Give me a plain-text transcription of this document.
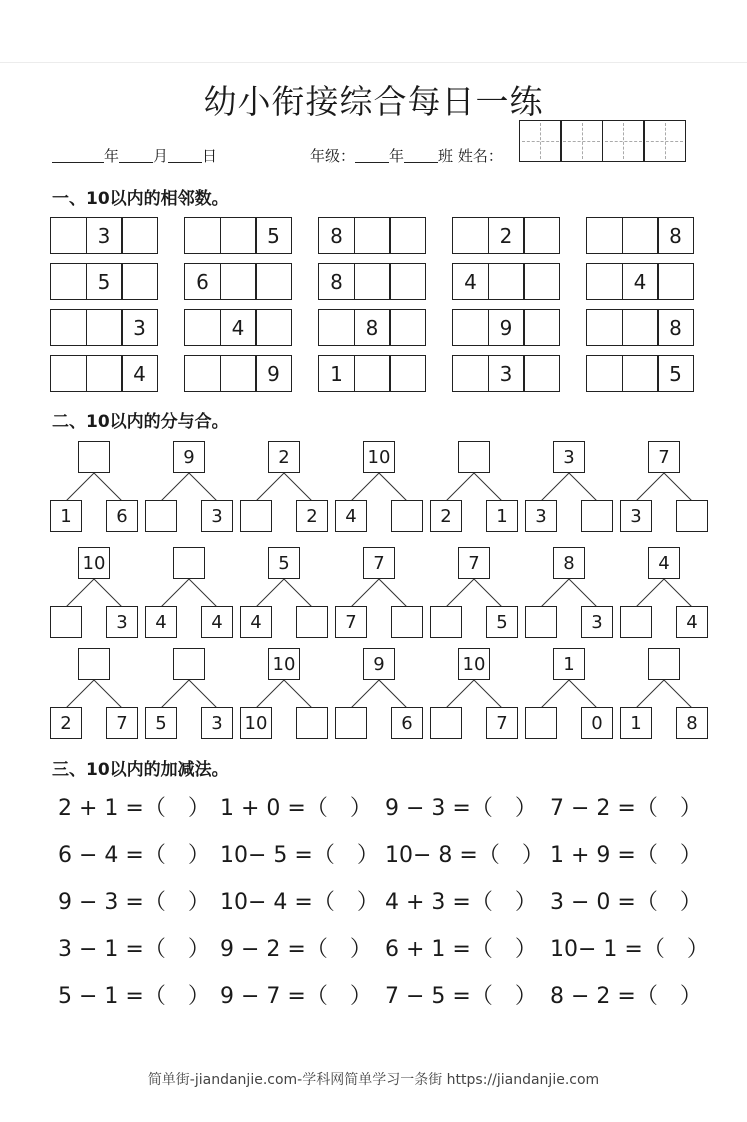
幼小衔接综合每日一练
年 月 日	年级： 年 班 姓名：
一、10以内的相邻数。
3	5	8	2	8
5	6	8	4	4
3	4	8	9	8
4	9	1	3	5
二、10以内的分与合。
1	6
9
3
2
2
10
4	2	1
3
3
7
3
10
3	4	4
5
4
7
7
7
5
8
3
4
4
2	7	5	3
10
10
9
6
10
7
1
0	1	8
三、10以内的加减法。
2 + 1 =（　） 1 + 0 =（　） 9 − 3 =（　） 7 − 2 =（　）
6 − 4 =（　） 10− 5 =（　） 10− 8 =（　） 1 + 9 =（　）
9 − 3 =（　） 10− 4 =（　） 4 + 3 =（　） 3 − 0 =（　）
3 − 1 =（　） 9 − 2 =（　） 6 + 1 =（　） 10− 1 =（　）
5 − 1 =（　） 9 − 7 =（　） 7 − 5 =（　） 8 − 2 =（　）
简单街-jiandanjie.com-学科网简单学习一条街 https://jiandanjie.com
